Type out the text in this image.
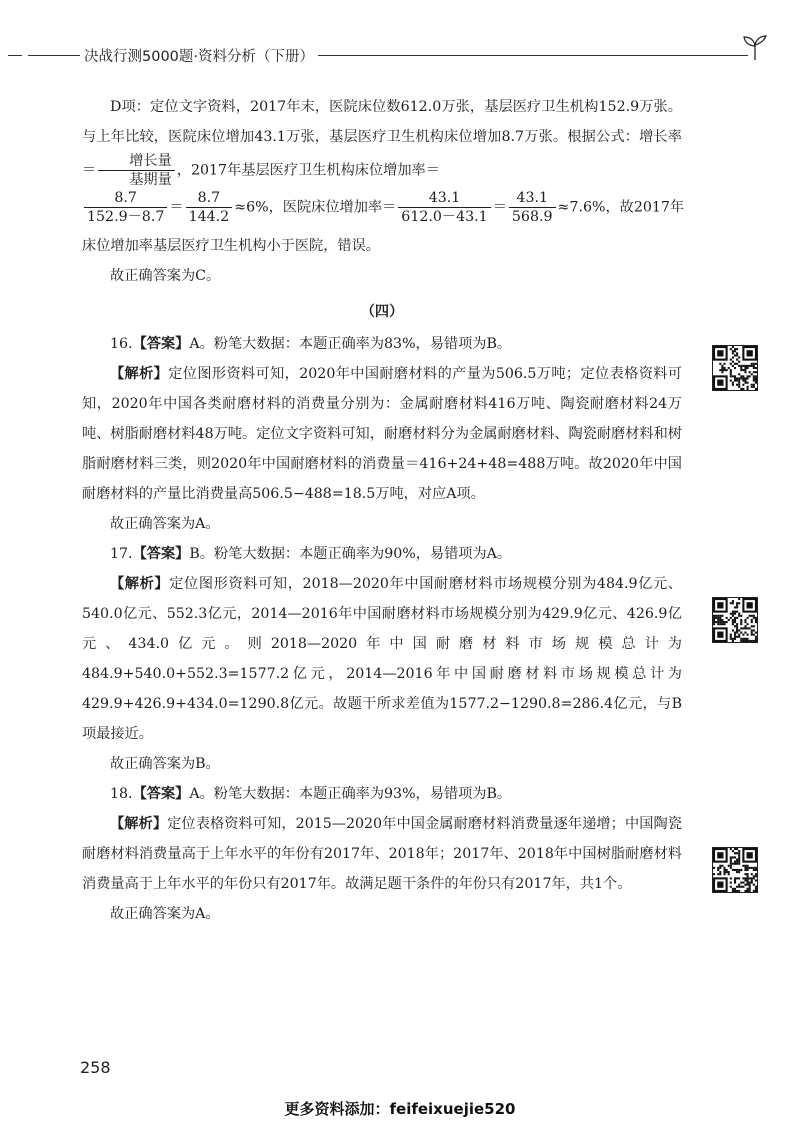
决战行测5000题·资料分析（下册）

D项：定位文字资料，2017年末，医院床位数612.0万张，基层医疗卫生机构152.9万张。与上年比较，医院床位增加43.1万张，基层医疗卫生机构床位增加8.7万张。根据公式：增长率＝ $\frac{\text{增长量}}{\text{基期量}}$ ，2017年基层医疗卫生机构床位增加率＝

$\frac{8.7}{152.9-8.7} = \frac{8.7}{144.2} \approx 6\%$，医院床位增加率＝ $\frac{43.1}{612.0-43.1} = \frac{43.1}{568.9} \approx 7.6\%$，故2017年

床位增加率基层医疗卫生机构小于医院，错误。

故正确答案为C。

（四）

16.【答案】A。粉笔大数据：本题正确率为83%，易错项为B。

【解析】定位图形资料可知，2020年中国耐磨材料的产量为506.5万吨；定位表格资料可知，2020年中国各类耐磨材料的消费量分别为：金属耐磨材料416万吨、陶瓷耐磨材料24万吨、树脂耐磨材料48万吨。定位文字资料可知，耐磨材料分为金属耐磨材料、陶瓷耐磨材料和树脂耐磨材料三类，则2020年中国耐磨材料的消费量＝416+24+48=488万吨。故2020年中国耐磨材料的产量比消费量高506.5−488=18.5万吨，对应A项。

故正确答案为A。

17.【答案】B。粉笔大数据：本题正确率为90%，易错项为A。

【解析】定位图形资料可知，2018—2020年中国耐磨材料市场规模分别为484.9亿元、540.0亿元、552.3亿元，2014—2016年中国耐磨材料市场规模分别为429.9亿元、426.9亿元、434.0亿元。则2018—2020年中国耐磨材料市场规模总计为484.9+540.0+552.3=1577.2亿元，2014—2016年中国耐磨材料市场规模总计为429.9+426.9+434.0=1290.8亿元。故题干所求差值为1577.2−1290.8=286.4亿元，与B项最接近。

故正确答案为B。

18.【答案】A。粉笔大数据：本题正确率为93%，易错项为B。

【解析】定位表格资料可知，2015—2020年中国金属耐磨材料消费量逐年递增；中国陶瓷耐磨材料消费量高于上年水平的年份有2017年、2018年；2017年、2018年中国树脂耐磨材料消费量高于上年水平的年份只有2017年。故满足题干条件的年份只有2017年，共1个。

故正确答案为A。

258
更多资料添加：feifeixuejie520
